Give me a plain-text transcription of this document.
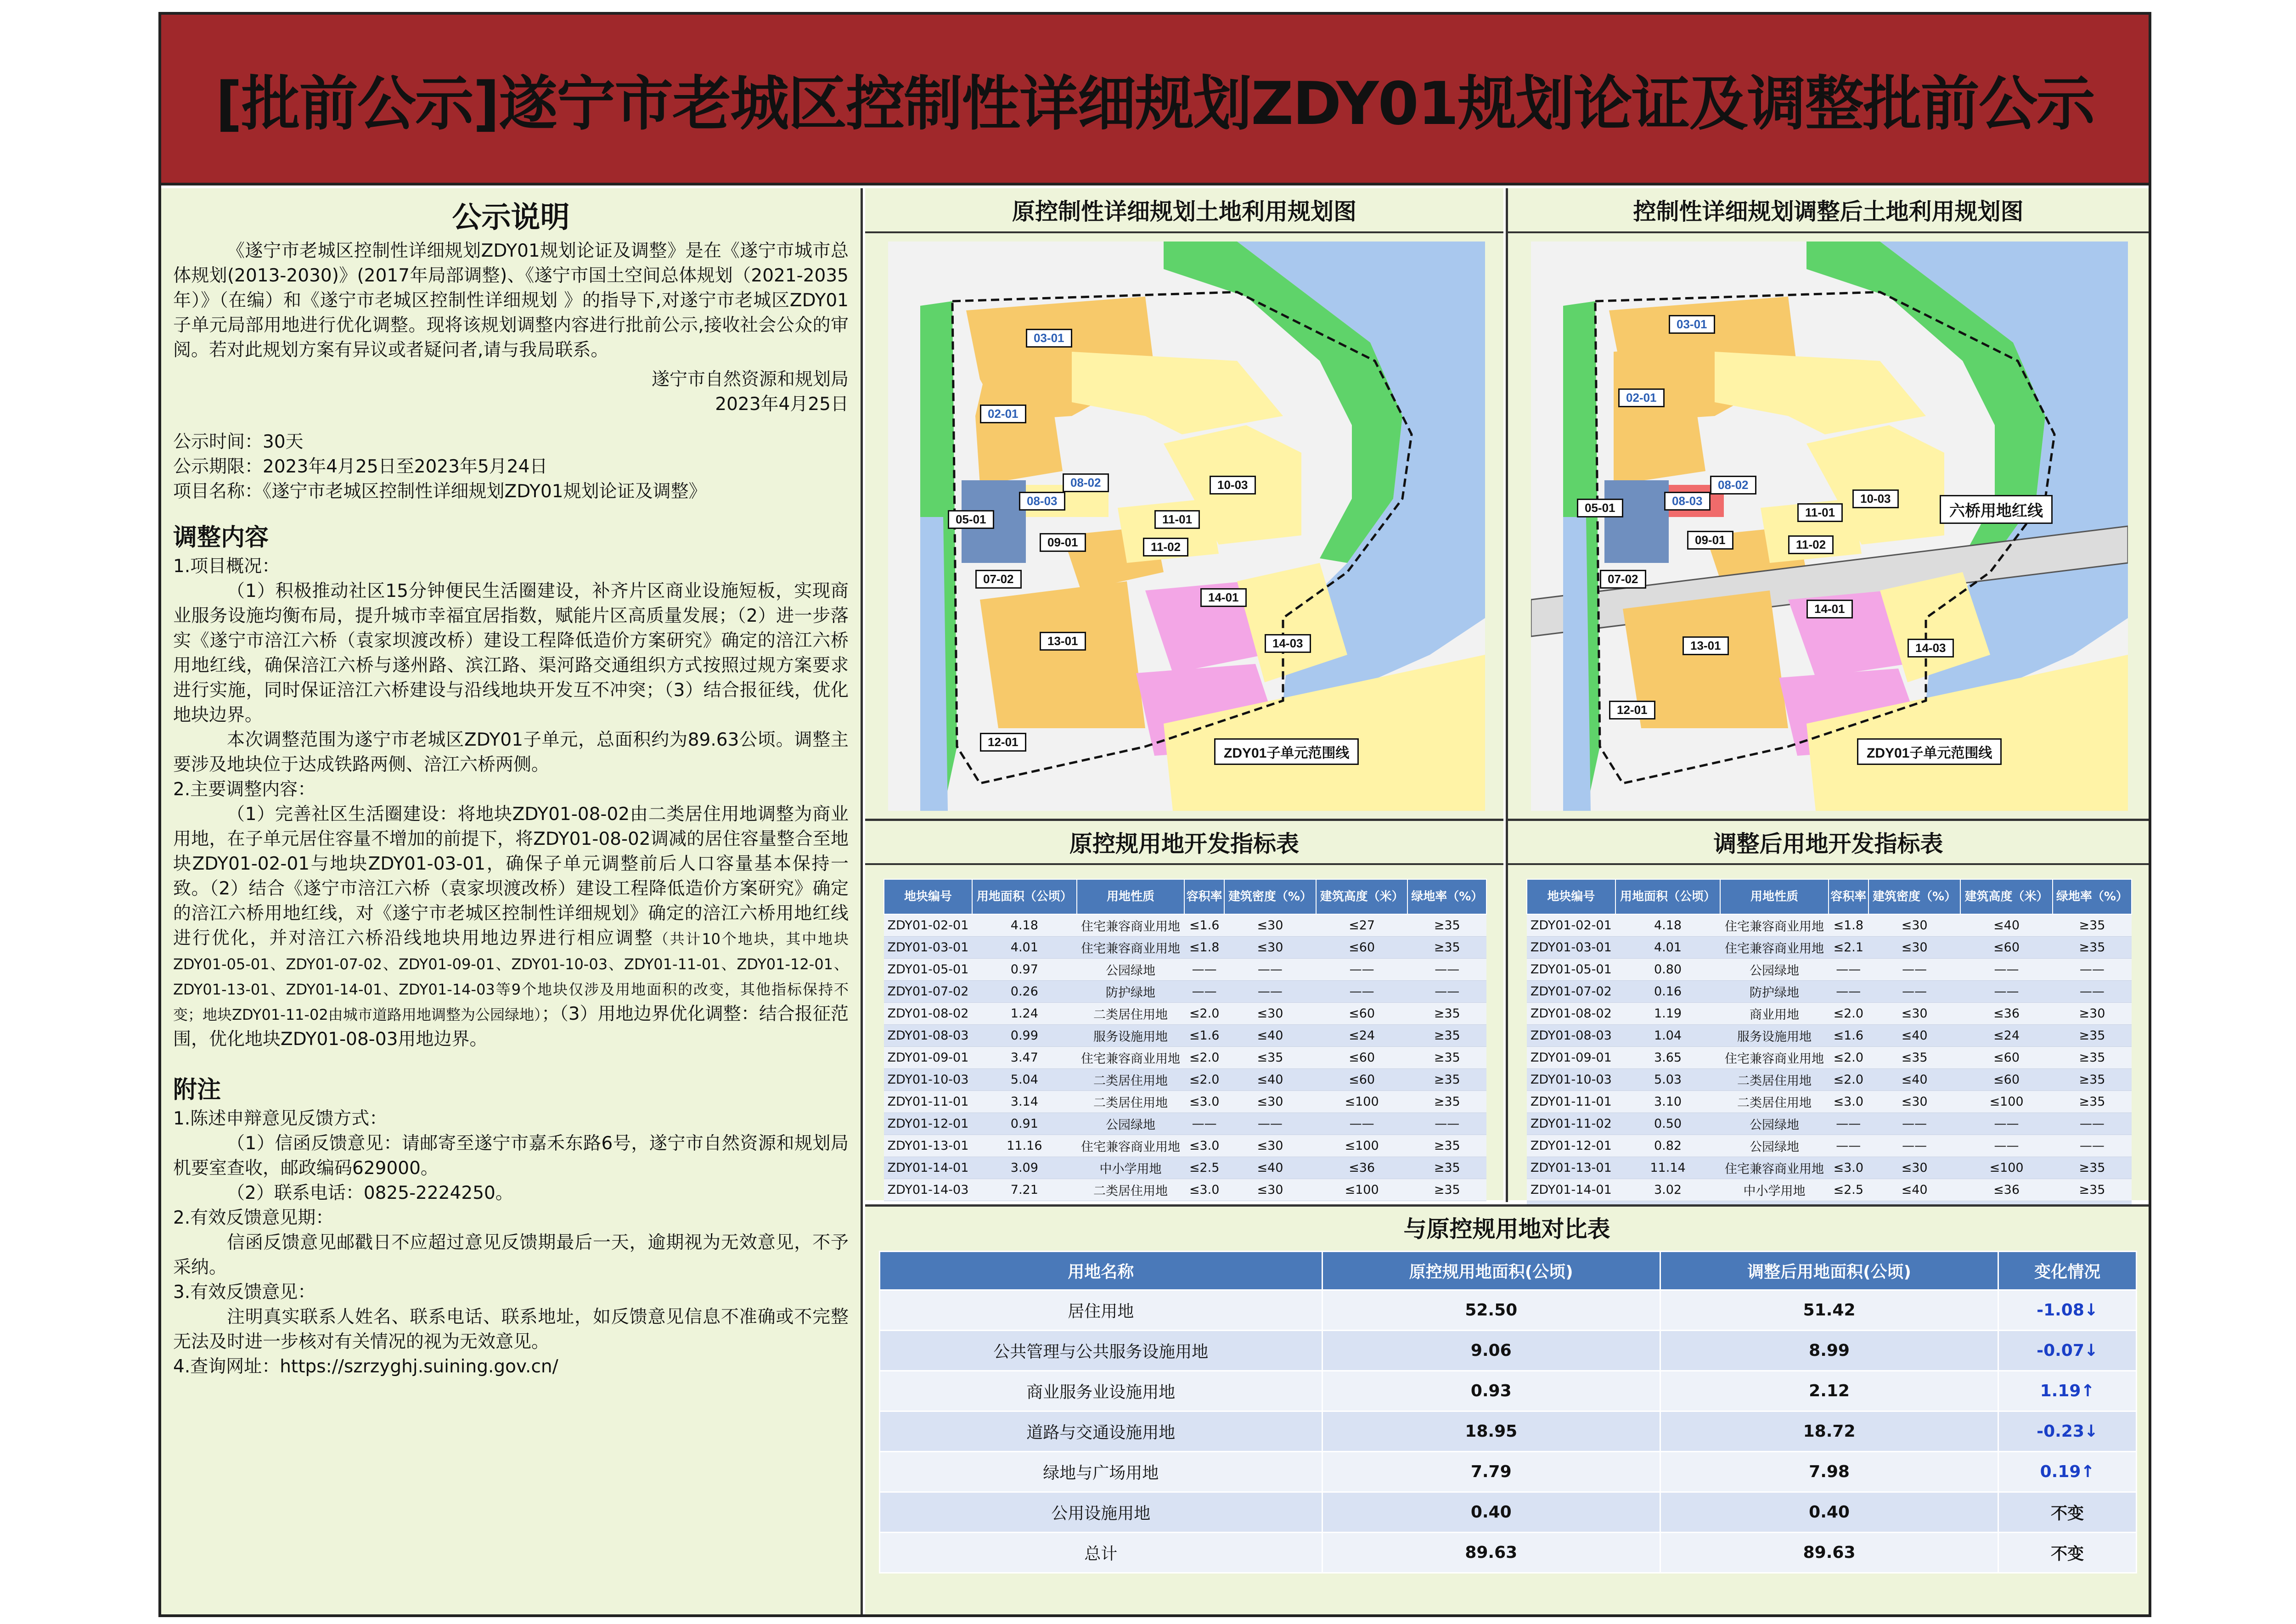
[批前公示]遂宁市老城区控制性详细规划ZDY01规划论证及调整批前公示
公示说明
《遂宁市老城区控制性详细规划ZDY01规划论证及调整》是在《遂宁市城市总体规划(2013-2030)》(2017年局部调整)、《遂宁市国土空间总体规划（2021-2035年）》（在编）和《遂宁市老城区控制性详细规划 》的指导下,对遂宁市老城区ZDY01子单元局部用地进行优化调整。现将该规划调整内容进行批前公示,接收社会公众的审阅。若对此规划方案有异议或者疑问者,请与我局联系。
遂宁市自然资源和规划局
2023年4月25日
公示时间：30天
公示期限：2023年4月25日至2023年5月24日
项目名称：《遂宁市老城区控制性详细规划ZDY01规划论证及调整》
调整内容
1.项目概况：
（1）积极推动社区15分钟便民生活圈建设，补齐片区商业设施短板，实现商业服务设施均衡布局，提升城市幸福宜居指数，赋能片区高质量发展；（2）进一步落实《遂宁市涪江六桥（袁家坝渡改桥）建设工程降低造价方案研究》确定的涪江六桥用地红线，确保涪江六桥与遂州路、滨江路、渠河路交通组织方式按照过规方案要求进行实施，同时保证涪江六桥建设与沿线地块开发互不冲突；（3）结合报征线，优化地块边界。
本次调整范围为遂宁市老城区ZDY01子单元，总面积约为89.63公顷。调整主要涉及地块位于达成铁路两侧、涪江六桥两侧。
2.主要调整内容：
（1）完善社区生活圈建设：将地块ZDY01-08-02由二类居住用地调整为商业用地，在子单元居住容量不增加的前提下，将ZDY01-08-02调减的居住容量整合至地块ZDY01-02-01与地块ZDY01-03-01，确保子单元调整前后人口容量基本保持一致。（2）结合《遂宁市涪江六桥（袁家坝渡改桥）建设工程降低造价方案研究》确定的涪江六桥用地红线，对《遂宁市老城区控制性详细规划》确定的涪江六桥用地红线进行优化，并对涪江六桥沿线地块用地边界进行相应调整（共计10个地块，其中地块ZDY01-05-01、ZDY01-07-02、ZDY01-09-01、ZDY01-10-03、ZDY01-11-01、ZDY01-12-01、ZDY01-13-01、ZDY01-14-01、ZDY01-14-03等9个地块仅涉及用地面积的改变，其他指标保持不变；地块ZDY01-11-02由城市道路用地调整为公园绿地）；（3）用地边界优化调整：结合报征范围，优化地块ZDY01-08-03用地边界。
附注
1.陈述申辩意见反馈方式：
（1）信函反馈意见：请邮寄至遂宁市嘉禾东路6号，遂宁市自然资源和规划局机要室查收，邮政编码629000。
（2）联系电话：0825-2224250。
2.有效反馈意见期：
信函反馈意见邮戳日不应超过意见反馈期最后一天，逾期视为无效意见，不予采纳。
3.有效反馈意见：
注明真实联系人姓名、联系电话、联系地址，如反馈意见信息不准确或不完整无法及时进一步核对有关情况的视为无效意见。
4.查询网址：https://szrzyghj.suining.gov.cn/
原控制性详细规划土地利用规划图
ZDY01子单元范围线
03-01
02-01
08-02
08-03
05-01
07-02
09-01
10-03
11-01
11-02
14-01
13-01	14-03
12-01
原控规用地开发指标表
地块编号	用地面积（公顷）	用地性质	容积率	建筑密度（%）	建筑高度（米）	绿地率（%）
ZDY01-02-01	4.18	住宅兼容商业用地	≤1.6	≤30	≤27	≥35
ZDY01-03-01	4.01	住宅兼容商业用地	≤1.8	≤30	≤60	≥35
ZDY01-05-01	0.97	公园绿地	——	——	——	——
ZDY01-07-02	0.26	防护绿地	——	——	——	——
ZDY01-08-02	1.24	二类居住用地	≤2.0	≤30	≤60	≥35
ZDY01-08-03	0.99	服务设施用地	≤1.6	≤40	≤24	≥35
ZDY01-09-01	3.47	住宅兼容商业用地	≤2.0	≤35	≤60	≥35
ZDY01-10-03	5.04	二类居住用地	≤2.0	≤40	≤60	≥35
ZDY01-11-01	3.14	二类居住用地	≤3.0	≤30	≤100	≥35
ZDY01-12-01	0.91	公园绿地	——	——	——	——
ZDY01-13-01	11.16	住宅兼容商业用地	≤3.0	≤30	≤100	≥35
ZDY01-14-01	3.09	中小学用地	≤2.5	≤40	≤36	≥35
ZDY01-14-03	7.21	二类居住用地	≤3.0	≤30	≤100	≥35
控制性详细规划调整后土地利用规划图
ZDY01子单元范围线
六桥用地红线
03-01
02-01
08-02
08-03
05-01
07-02
09-01
10-03
11-01
11-02
14-01
13-01	14-03
12-01
调整后用地开发指标表
地块编号	用地面积（公顷）	用地性质	容积率	建筑密度（%）	建筑高度（米）	绿地率（%）
ZDY01-02-01	4.18	住宅兼容商业用地	≤1.8	≤30	≤40	≥35
ZDY01-03-01	4.01	住宅兼容商业用地	≤2.1	≤30	≤60	≥35
ZDY01-05-01	0.80	公园绿地	——	——	——	——
ZDY01-07-02	0.16	防护绿地	——	——	——	——
ZDY01-08-02	1.19	商业用地	≤2.0	≤30	≤36	≥30
ZDY01-08-03	1.04	服务设施用地	≤1.6	≤40	≤24	≥35
ZDY01-09-01	3.65	住宅兼容商业用地	≤2.0	≤35	≤60	≥35
ZDY01-10-03	5.03	二类居住用地	≤2.0	≤40	≤60	≥35
ZDY01-11-01	3.10	二类居住用地	≤3.0	≤30	≤100	≥35
ZDY01-11-02	0.50	公园绿地	——	——	——	——
ZDY01-12-01	0.82	公园绿地	——	——	——	——
ZDY01-13-01	11.14	住宅兼容商业用地	≤3.0	≤30	≤100	≥35
ZDY01-14-01	3.02	中小学用地	≤2.5	≤40	≤36	≥35

与原控规用地对比表
用地名称	原控规用地面积(公顷)	调整后用地面积(公顷)	变化情况
居住用地	52.50	51.42	-1.08↓
公共管理与公共服务设施用地	9.06	8.99	-0.07↓
商业服务业设施用地	0.93	2.12	1.19↑
道路与交通设施用地	18.95	18.72	-0.23↓
绿地与广场用地	7.79	7.98	0.19↑
公用设施用地	0.40	0.40	不变
总计	89.63	89.63	不变
